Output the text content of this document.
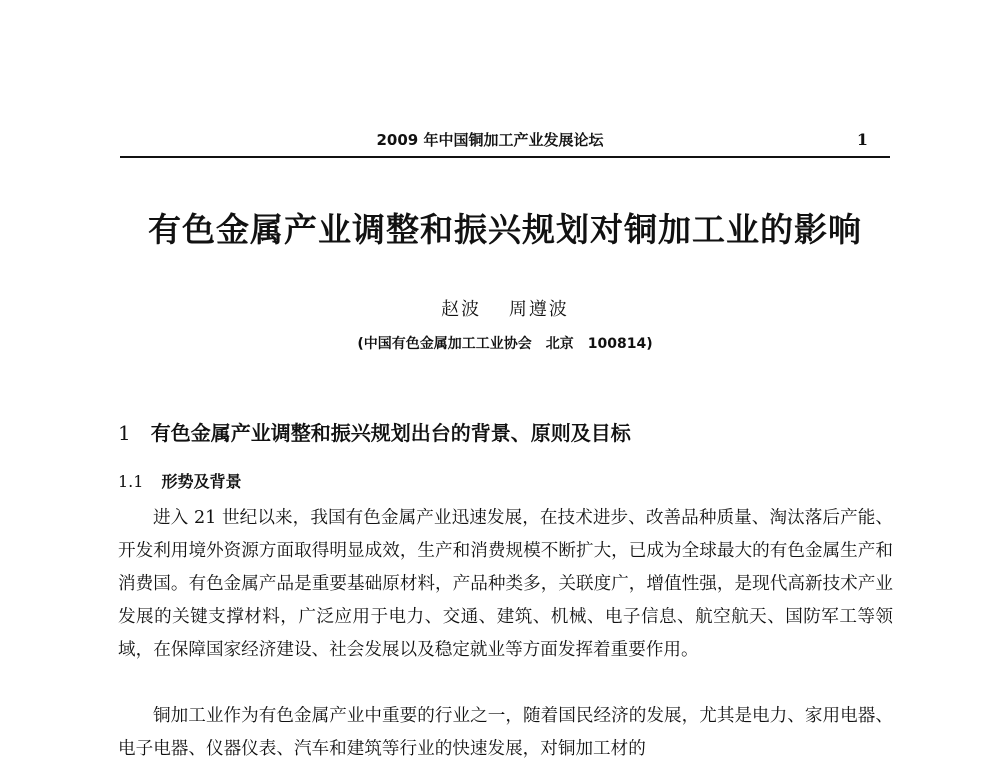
2009 年中国铜加工产业发展论坛	1
有色金属产业调整和振兴规划对铜加工业的影响
赵波 周遵波
(中国有色金属加工工业协会　北京　100814)
1 有色金属产业调整和振兴规划出台的背景、原则及目标
1.1 形势及背景

进入 21 世纪以来，我国有色金属产业迅速发展，在技术进步、改善品种质量、淘汰落后产能、开发利用境外资源方面取得明显成效，生产和消费规模不断扩大，已成为全球最大的有色金属生产和消费国。有色金属产品是重要基础原材料，产品种类多，关联度广，增值性强，是现代高新技术产业发展的关键支撑材料，广泛应用于电力、交通、建筑、机械、电子信息、航空航天、国防军工等领域，在保障国家经济建设、社会发展以及稳定就业等方面发挥着重要作用。

铜加工业作为有色金属产业中重要的行业之一，随着国民经济的发展，尤其是电力、家用电器、电子电器、仪器仪表、汽车和建筑等行业的快速发展，对铜加工材的
